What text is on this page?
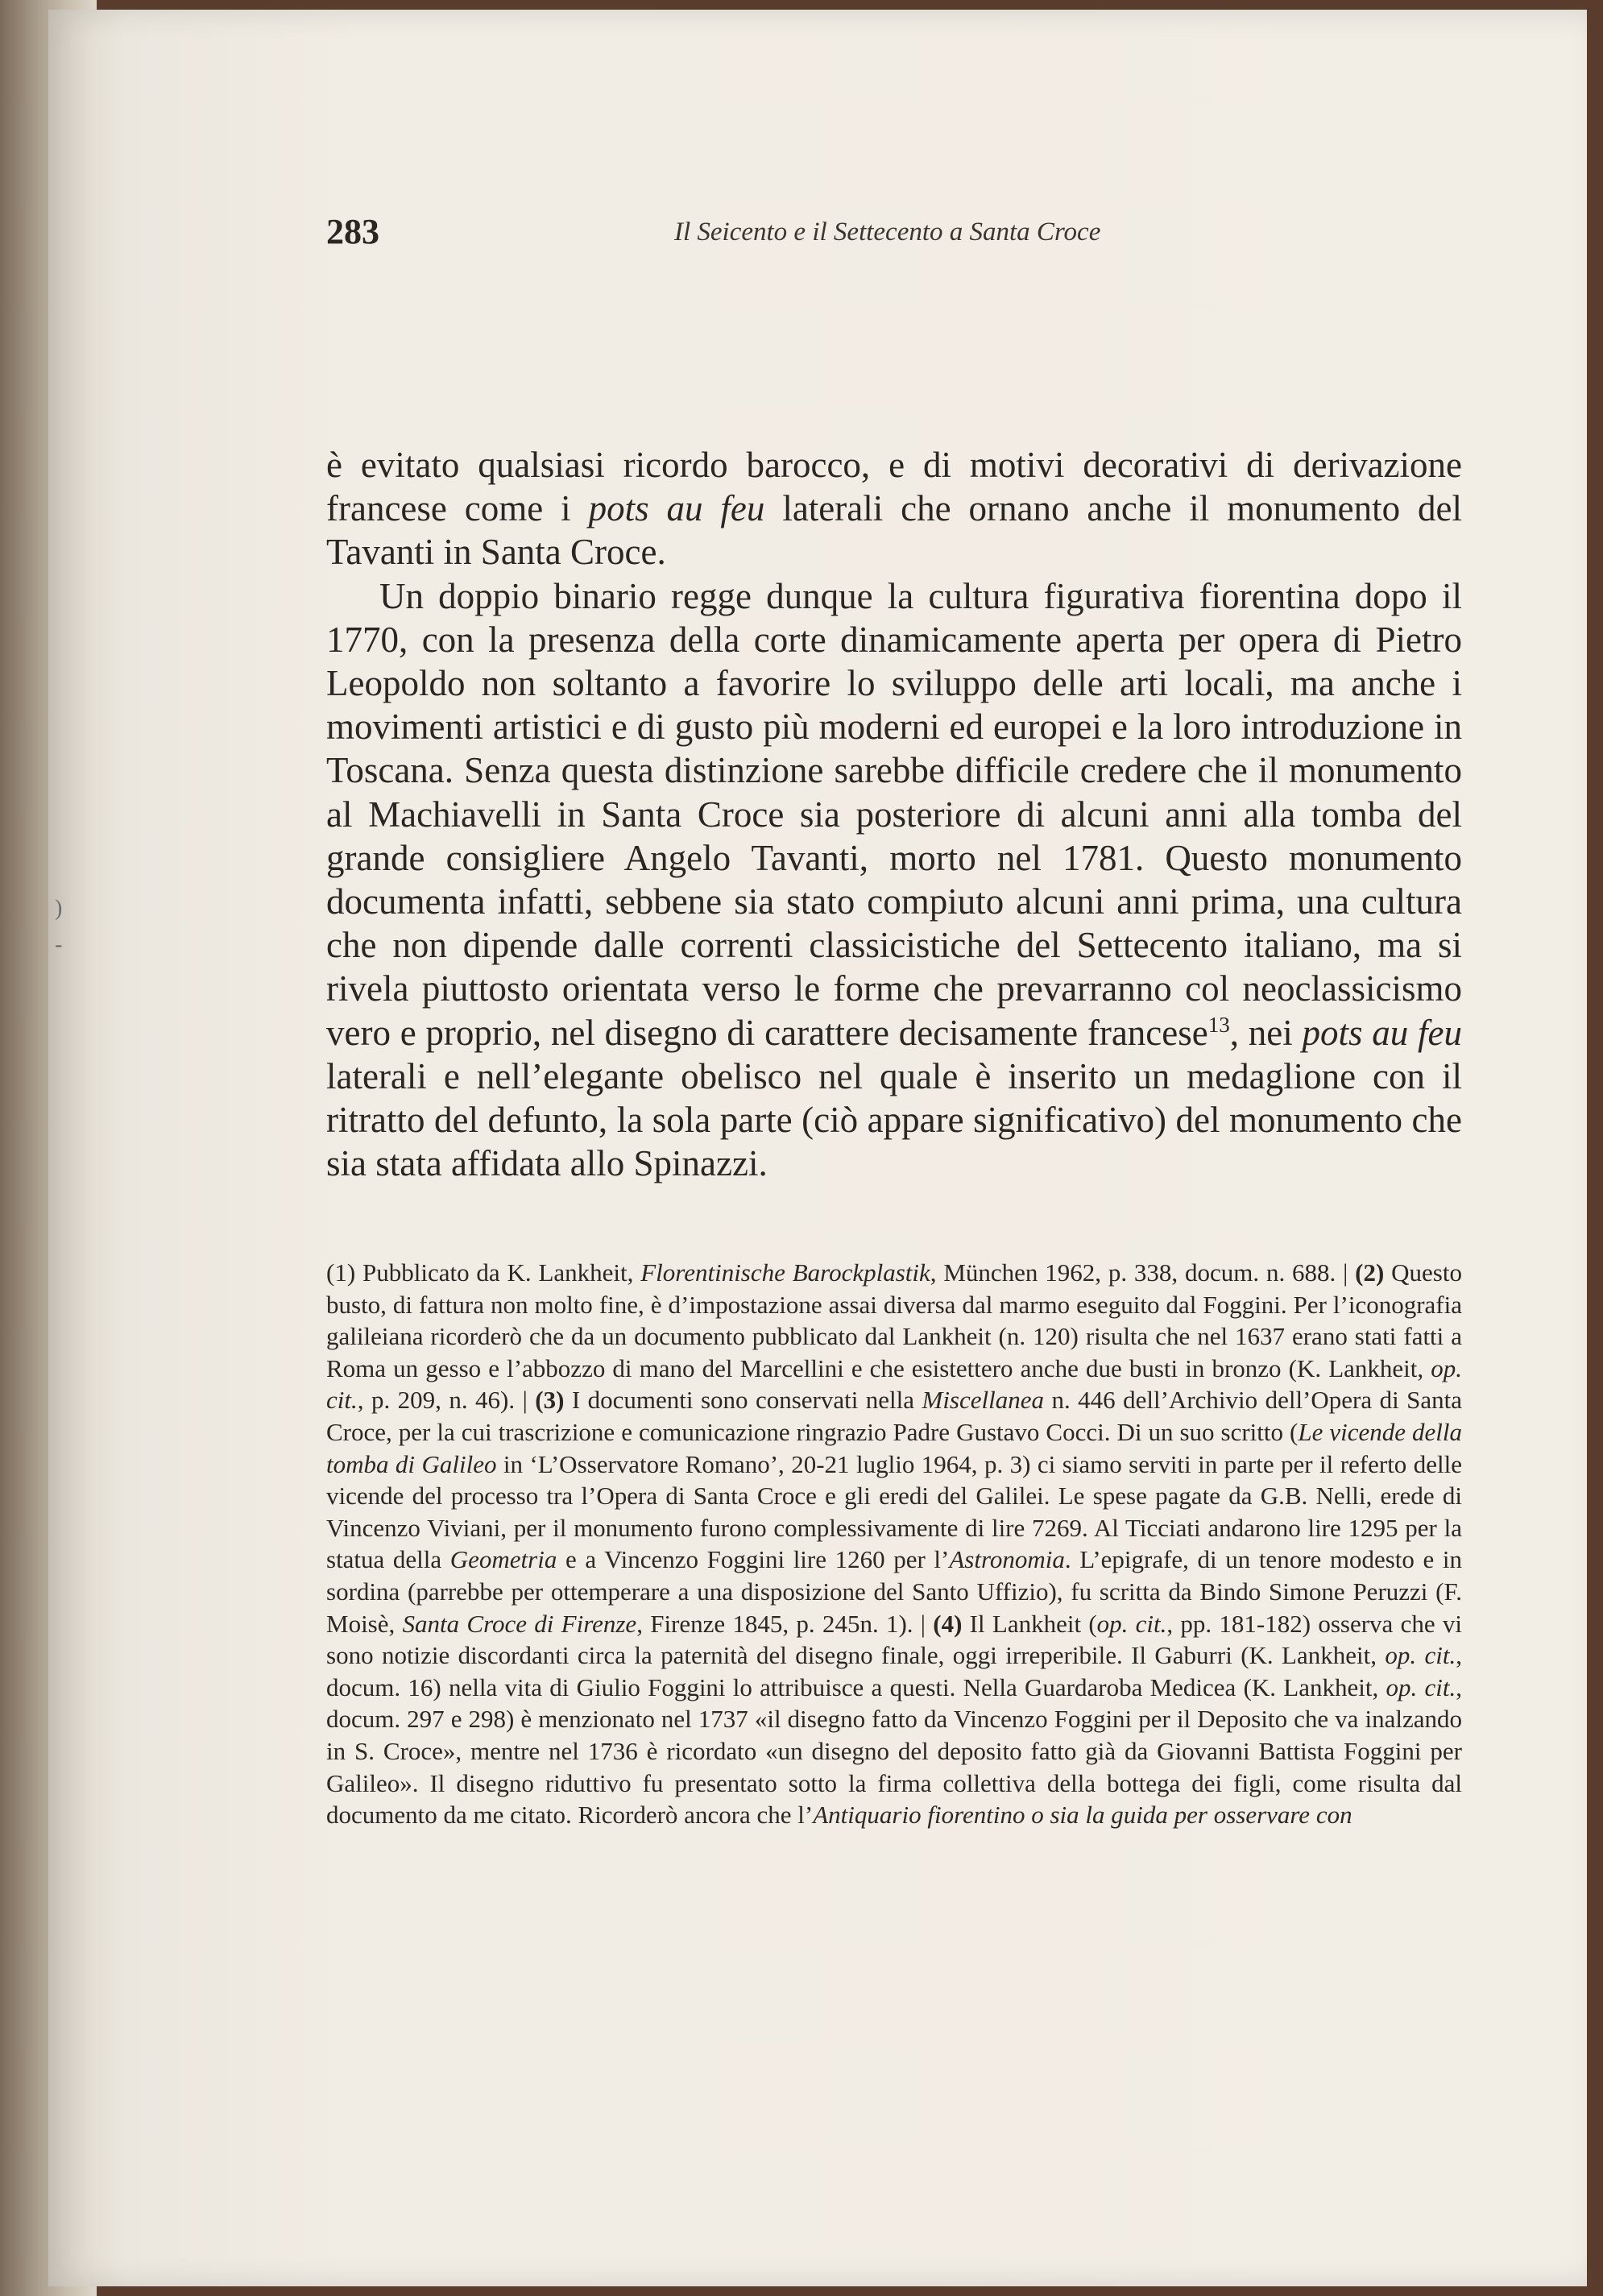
)
-
283	Il Seicento e il Settecento a Santa Croce

è evitato qualsiasi ricordo barocco, e di motivi decorativi di derivazione francese come i pots au feu laterali che ornano anche il monumento del Tavanti in Santa Croce.

Un doppio binario regge dunque la cultura figurativa fiorentina dopo il 1770, con la presenza della corte dinamicamente aperta per opera di Pietro Leopoldo non soltanto a favorire lo sviluppo delle arti locali, ma anche i movimenti artistici e di gusto più moderni ed europei e la loro introduzione in Toscana. Senza questa distinzione sarebbe difficile credere che il monumento al Machiavelli in Santa Croce sia posteriore di alcuni anni alla tomba del grande consigliere Angelo Tavanti, morto nel 1781. Questo monumento documenta infatti, sebbene sia stato compiuto alcuni anni prima, una cultura che non dipende dalle correnti classicistiche del Settecento italiano, ma si rivela piuttosto orientata verso le forme che prevarranno col neoclassicismo vero e proprio, nel disegno di carattere decisamente francese$^{13}$, nei pots au feu laterali e nell’elegante obelisco nel quale è inserito un medaglione con il ritratto del defunto, la sola parte (ciò appare significativo) del monumento che sia stata affidata allo Spinazzi.

(1) Pubblicato da K. Lankheit, Florentinische Barockplastik, München 1962, p. 338, docum. n. 688. | (2) Questo busto, di fattura non molto fine, è d’impostazione assai diversa dal marmo eseguito dal Foggini. Per l’iconografia galileiana ricorderò che da un documento pubblicato dal Lankheit (n. 120) risulta che nel 1637 erano stati fatti a Roma un gesso e l’abbozzo di mano del Marcellini e che esistettero anche due busti in bronzo (K. Lankheit, op. cit., p. 209, n. 46). | (3) I documenti sono conservati nella Miscellanea n. 446 dell’Archivio dell’Opera di Santa Croce, per la cui trascrizione e comunicazione ringrazio Padre Gustavo Cocci. Di un suo scritto (Le vicende della tomba di Galileo in ‘L’Osservatore Romano’, 20-21 luglio 1964, p. 3) ci siamo serviti in parte per il referto delle vicende del processo tra l’Opera di Santa Croce e gli eredi del Galilei. Le spese pagate da G.B. Nelli, erede di Vincenzo Viviani, per il monumento furono complessivamente di lire 7269. Al Ticciati andarono lire 1295 per la statua della Geometria e a Vincenzo Foggini lire 1260 per l’Astronomia. L’epigrafe, di un tenore modesto e in sordina (parrebbe per ottemperare a una disposizione del Santo Uffizio), fu scritta da Bindo Simone Peruzzi (F. Moisè, Santa Croce di Firenze, Firenze 1845, p. 245n. 1). | (4) Il Lankheit (op. cit., pp. 181-182) osserva che vi sono notizie discordanti circa la paternità del disegno finale, oggi irreperibile. Il Gaburri (K. Lankheit, op. cit., docum. 16) nella vita di Giulio Foggini lo attribuisce a questi. Nella Guardaroba Medicea (K. Lankheit, op. cit., docum. 297 e 298) è menzionato nel 1737 «il disegno fatto da Vincenzo Foggini per il Deposito che va inalzando in S. Croce», mentre nel 1736 è ricordato «un disegno del deposito fatto già da Giovanni Battista Foggini per Galileo». Il disegno riduttivo fu presentato sotto la firma collettiva della bottega dei figli, come risulta dal documento da me citato. Ricorderò ancora che l’Antiquario fiorentino o sia la guida per osservare con
